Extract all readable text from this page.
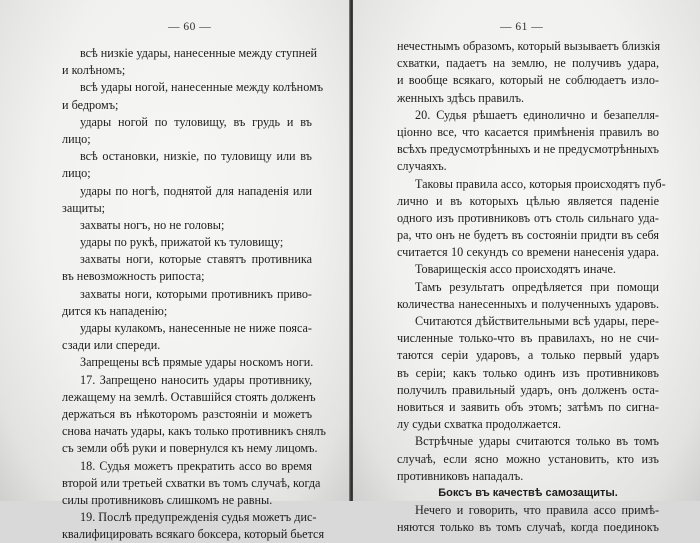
— 60 —
всѣ низкіе удары, нанесенные между ступней
и колѣномъ;
всѣ удары ногой, нанесенные между колѣномъ
и бедромъ;
удары ногой по туловищу, въ грудь и въ
лицо;
всѣ остановки, низкіе, по туловищу или въ
лицо;
удары по ногѣ, поднятой для нападенія или
защиты;
захваты ногъ, но не головы;
удары по рукѣ, прижатой къ туловищу;
захваты ноги, которые ставятъ противника
въ невозможность рипоста;
захваты ноги, которыми противникъ приво-
дится къ нападенію;
удары кулакомъ, нанесенные не ниже пояса-
сзади или спереди.
Запрещены всѣ прямые удары носкомъ ноги.
17. Запрещено наносить удары противнику,
лежащему на землѣ. Оставшійся стоять долженъ
держаться въ нѣкоторомъ разстояніи и можетъ
снова начать удары, какъ только противникъ снялъ
съ земли обѣ руки и повернулся къ нему лицомъ.
18. Судья можетъ прекратить ассо во время
второй или третьей схватки въ томъ случаѣ, когда
силы противниковъ слишкомъ не равны.
19. Послѣ предупрежденія судья можетъ дис-
квалифицировать всякаго боксера, который бьется
— 61 —
нечестнымъ образомъ, который вызываетъ близкія
схватки, падаетъ на землю, не получивъ удара,
и вообще всякаго, который не соблюдаетъ изло-
женныхъ здѣсь правилъ.
20. Судья рѣшаетъ единолично и безапелля-
ціонно все, что касается примѣненія правилъ во
всѣхъ предусмотрѣнныхъ и не предусмотрѣнныхъ
случаяхъ.
Таковы правила ассо, которыя происходятъ пуб-
лично и въ которыхъ цѣлью является паденіе
одного изъ противниковъ отъ столь сильнаго уда-
ра, что онъ не будетъ въ состояніи придти въ себя
считается 10 секундъ со времени нанесенія удара.
Товарищескія ассо происходятъ иначе.
Тамъ результатъ опредѣляется при помощи
количества нанесенныхъ и полученныхъ ударовъ.
Считаются дѣйствительными всѣ удары, пере-
численные только-что въ правилахъ, но не счи-
таются серіи ударовъ, а только первый ударъ
въ серіи; какъ только одинъ изъ противниковъ
получилъ правильный ударъ, онъ долженъ оста-
новиться и заявить объ этомъ; затѣмъ по сигна-
лу судьи схватка продолжается.
Встрѣчные удары считаются только въ томъ
случаѣ, если ясно можно установить, кто изъ
противниковъ нападалъ.
Боксъ въ качествѣ самозащиты.
Нечего и говорить, что правила ассо примѣ-
няются только въ томъ случаѣ, когда поединокъ
